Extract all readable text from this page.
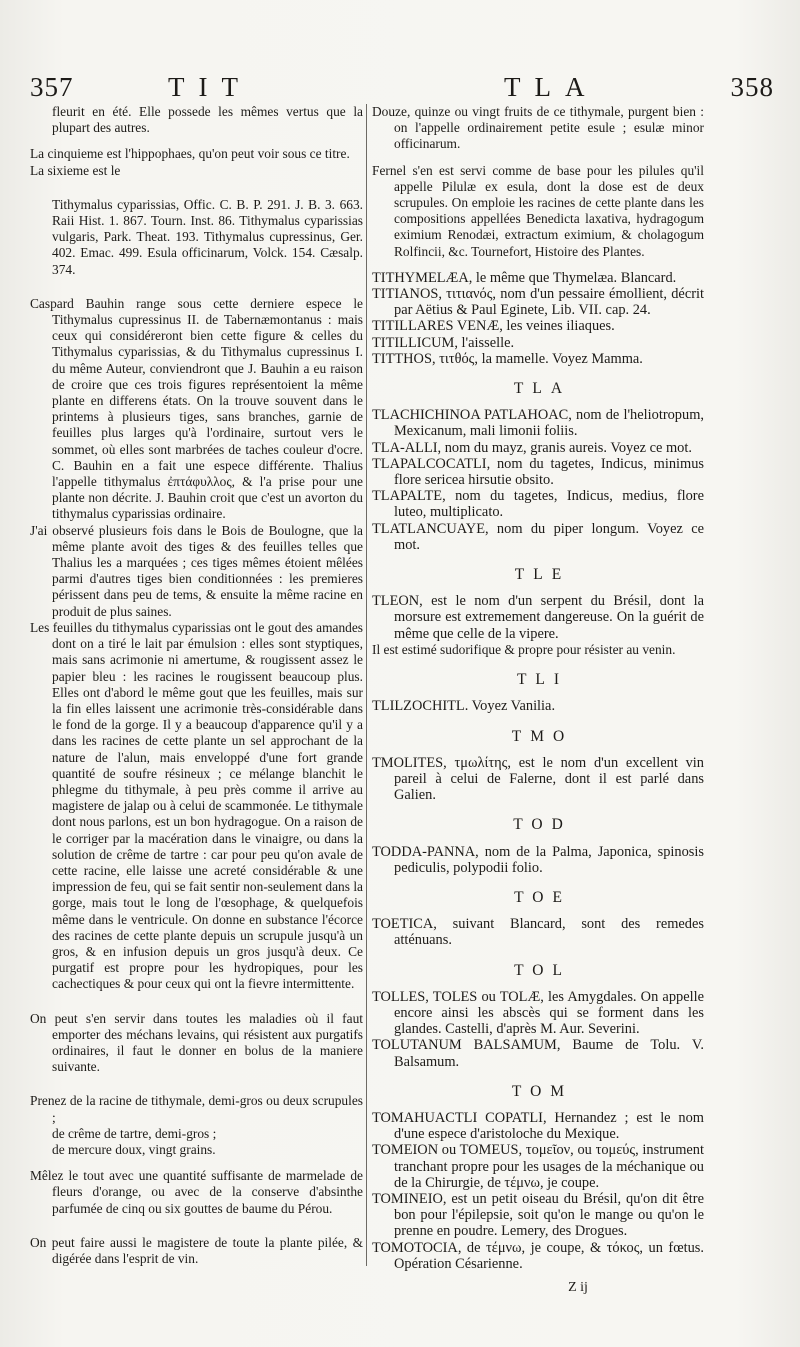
357	TIT	TLA	358
fleurit en été. Elle possede les mêmes vertus que la plupart des autres.
La cinquieme est l'hippophaes, qu'on peut voir sous ce titre.
La sixieme est le
Tithymalus cyparissias, Offic. C. B. P. 291. J. B. 3. 663. Raii Hist. 1. 867. Tourn. Inst. 86. Tithymalus cyparissias vulgaris, Park. Theat. 193. Tithymalus cupressinus, Ger. 402. Emac. 499. Esula officinarum, Volck. 154. Cæsalp. 374.
Caspard Bauhin range sous cette derniere espece le Tithymalus cupressinus II. de Tabernæmontanus : mais ceux qui considéreront bien cette figure & celles du Tithymalus cyparissias, & du Tithymalus cupressinus I. du même Auteur, conviendront que J. Bauhin a eu raison de croire que ces trois figures représentoient la même plante en differens états. On la trouve souvent dans le printems à plusieurs tiges, sans branches, garnie de feuilles plus larges qu'à l'ordinaire, surtout vers le sommet, où elles sont marbrées de taches couleur d'ocre. C. Bauhin en a fait une espece différente. Thalius l'appelle tithymalus ἐπτάφυλλος, & l'a prise pour une plante non décrite. J. Bauhin croit que c'est un avorton du tithymalus cyparissias ordinaire.
J'ai observé plusieurs fois dans le Bois de Boulogne, que la même plante avoit des tiges & des feuilles telles que Thalius les a marquées ; ces tiges mêmes étoient mêlées parmi d'autres tiges bien conditionnées : les premieres périssent dans peu de tems, & ensuite la même racine en produit de plus saines.
Les feuilles du tithymalus cyparissias ont le gout des amandes dont on a tiré le lait par émulsion : elles sont styptiques, mais sans acrimonie ni amertume, & rougissent assez le papier bleu : les racines le rougissent beaucoup plus. Elles ont d'abord le même gout que les feuilles, mais sur la fin elles laissent une acrimonie très-considérable dans le fond de la gorge. Il y a beaucoup d'apparence qu'il y a dans les racines de cette plante un sel approchant de la nature de l'alun, mais enveloppé d'une fort grande quantité de soufre résineux ; ce mélange blanchit le phlegme du tithymale, à peu près comme il arrive au magistere de jalap ou à celui de scammonée. Le tithymale dont nous parlons, est un bon hydragogue. On a raison de le corriger par la macération dans le vinaigre, ou dans la solution de crême de tartre : car pour peu qu'on avale de cette racine, elle laisse une acreté considérable & une impression de feu, qui se fait sentir non-seulement dans la gorge, mais tout le long de l'œsophage, & quelquefois même dans le ventricule. On donne en substance l'écorce des racines de cette plante depuis un scrupule jusqu'à un gros, & en infusion depuis un gros jusqu'à deux. Ce purgatif est propre pour les hydropiques, pour les cachectiques & pour ceux qui ont la fievre intermittente.
On peut s'en servir dans toutes les maladies où il faut emporter des méchans levains, qui résistent aux purgatifs ordinaires, il faut le donner en bolus de la maniere suivante.
Prenez de la racine de tithymale, demi-gros ou deux scrupules ;
de crême de tartre, demi-gros ;
de mercure doux, vingt grains.
Mêlez le tout avec une quantité suffisante de marmelade de fleurs d'orange, ou avec de la conserve d'absinthe parfumée de cinq ou six gouttes de baume du Pérou.
On peut faire aussi le magistere de toute la plante pilée, & digérée dans l'esprit de vin.
Douze, quinze ou vingt fruits de ce tithymale, purgent bien : on l'appelle ordinairement petite esule ; esulæ minor officinarum.
Fernel s'en est servi comme de base pour les pilules qu'il appelle Pilulæ ex esula, dont la dose est de deux scrupules. On emploie les racines de cette plante dans les compositions appellées Benedicta laxativa, hydragogum eximium Renodæi, extractum eximium, & cholagogum Rolfincii, &c. Tournefort, Histoire des Plantes.
TITHYMELÆA, le même que Thymelæa. Blancard.
TITIANOS, τιτιανός, nom d'un pessaire émollient, décrit par Aëtius & Paul Eginete, Lib. VII. cap. 24.
TITILLARES VENÆ, les veines iliaques.
TITILLICUM, l'aisselle.
TITTHOS, τιτθός, la mamelle. Voyez Mamma.
TLA
TLACHICHINOA PATLAHOAC, nom de l'heliotropum, Mexicanum, mali limonii foliis.
TLA-ALLI, nom du mayz, granis aureis. Voyez ce mot.
TLAPALCOCATLI, nom du tagetes, Indicus, minimus flore sericea hirsutie obsito.
TLAPALTE, nom du tagetes, Indicus, medius, flore luteo, multiplicato.
TLATLANCUAYE, nom du piper longum. Voyez ce mot.
TLE
TLEON, est le nom d'un serpent du Brésil, dont la morsure est extremement dangereuse. On la guérit de même que celle de la vipere.
Il est estimé sudorifique & propre pour résister au venin.
TLI
TLILZOCHITL. Voyez Vanilia.
TMO
TMOLITES, τμωλίτης, est le nom d'un excellent vin pareil à celui de Falerne, dont il est parlé dans Galien.
TOD
TODDA-PANNA, nom de la Palma, Japonica, spinosis pediculis, polypodii folio.
TOE
TOETICA, suivant Blancard, sont des remedes atténuans.
TOL
TOLLES, TOLES ou TOLÆ, les Amygdales. On appelle encore ainsi les abscès qui se forment dans les glandes. Castelli, d'après M. Aur. Severini.
TOLUTANUM BALSAMUM, Baume de Tolu. V. Balsamum.
TOM
TOMAHUACTLI COPATLI, Hernandez ; est le nom d'une espece d'aristoloche du Mexique.
TOMEION ou TOMEUS, τομεῖον, ou τομεύς, instrument tranchant propre pour les usages de la méchanique ou de la Chirurgie, de τέμνω, je coupe.
TOMINEIO, est un petit oiseau du Brésil, qu'on dit être bon pour l'épilepsie, soit qu'on le mange ou qu'on le prenne en poudre. Lemery, des Drogues.
TOMOTOCIA, de τέμνω, je coupe, & τόκος, un fœtus. Opération Césarienne.
Z ij
